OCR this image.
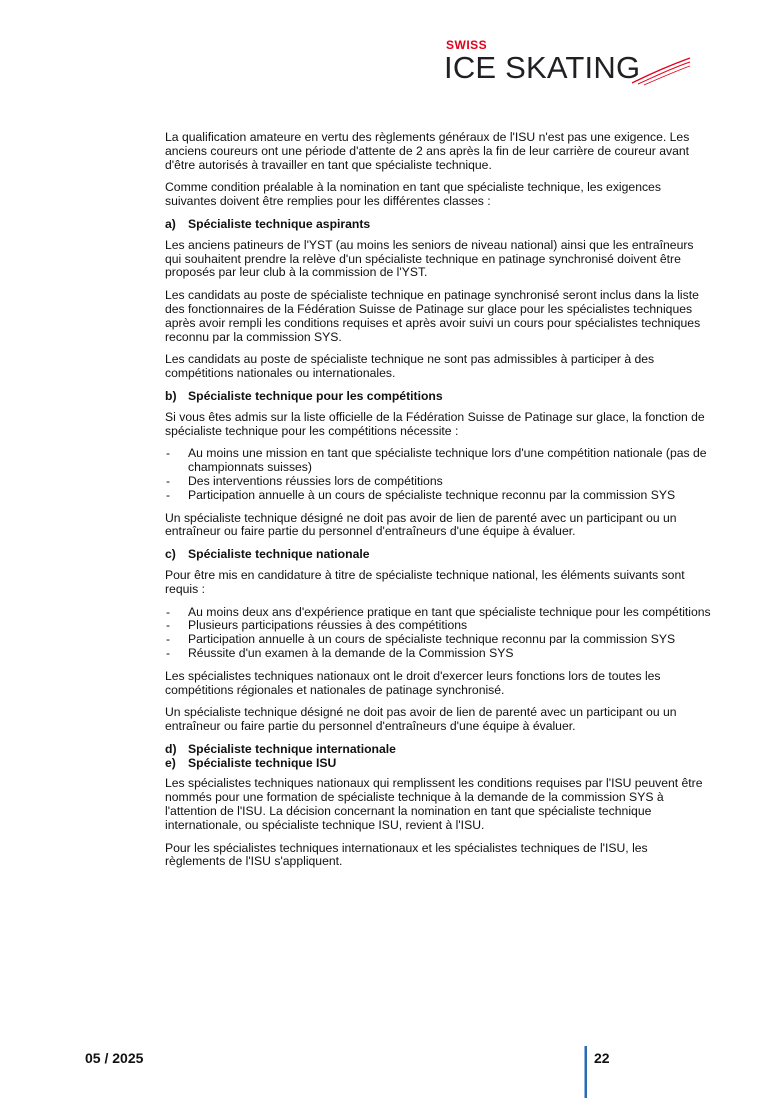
SWISS
ICE SKATING

La qualification amateure en vertu des règlements généraux de l'ISU n'est pas une exigence. Les anciens coureurs ont une période d'attente de 2 ans après la fin de leur carrière de coureur avant d'être autorisés à travailler en tant que spécialiste technique.

Comme condition préalable à la nomination en tant que spécialiste technique, les exigences suivantes doivent être remplies pour les différentes classes :

a) Spécialiste technique aspirants

Les anciens patineurs de l'YST (au moins les seniors de niveau national) ainsi que les entraîneurs qui souhaitent prendre la relève d'un spécialiste technique en patinage synchronisé doivent être proposés par leur club à la commission de l'YST.

Les candidats au poste de spécialiste technique en patinage synchronisé seront inclus dans la liste des fonctionnaires de la Fédération Suisse de Patinage sur glace pour les spécialistes techniques après avoir rempli les conditions requises et après avoir suivi un cours pour spécialistes techniques reconnu par la commission SYS.

Les candidats au poste de spécialiste technique ne sont pas admissibles à participer à des compétitions nationales ou internationales.

b) Spécialiste technique pour les compétitions

Si vous êtes admis sur la liste officielle de la Fédération Suisse de Patinage sur glace, la fonction de spécialiste technique pour les compétitions nécessite :

- Au moins une mission en tant que spécialiste technique lors d'une compétition nationale (pas de championnats suisses)
- Des interventions réussies lors de compétitions
- Participation annuelle à un cours de spécialiste technique reconnu par la commission SYS

Un spécialiste technique désigné ne doit pas avoir de lien de parenté avec un participant ou un entraîneur ou faire partie du personnel d'entraîneurs d'une équipe à évaluer.

c) Spécialiste technique nationale

Pour être mis en candidature à titre de spécialiste technique national, les éléments suivants sont requis :

- Au moins deux ans d'expérience pratique en tant que spécialiste technique pour les compétitions
- Plusieurs participations réussies à des compétitions
- Participation annuelle à un cours de spécialiste technique reconnu par la commission SYS
- Réussite d'un examen à la demande de la Commission SYS

Les spécialistes techniques nationaux ont le droit d'exercer leurs fonctions lors de toutes les compétitions régionales et nationales de patinage synchronisé.

Un spécialiste technique désigné ne doit pas avoir de lien de parenté avec un participant ou un entraîneur ou faire partie du personnel d'entraîneurs d'une équipe à évaluer.

d) Spécialiste technique internationale
e) Spécialiste technique ISU

Les spécialistes techniques nationaux qui remplissent les conditions requises par l'ISU peuvent être nommés pour une formation de spécialiste technique à la demande de la commission SYS à l'attention de l'ISU. La décision concernant la nomination en tant que spécialiste technique internationale, ou spécialiste technique ISU, revient à l'ISU.

Pour les spécialistes techniques internationaux et les spécialistes techniques de l'ISU, les règlements de l'ISU s'appliquent.

05 / 2025	22
